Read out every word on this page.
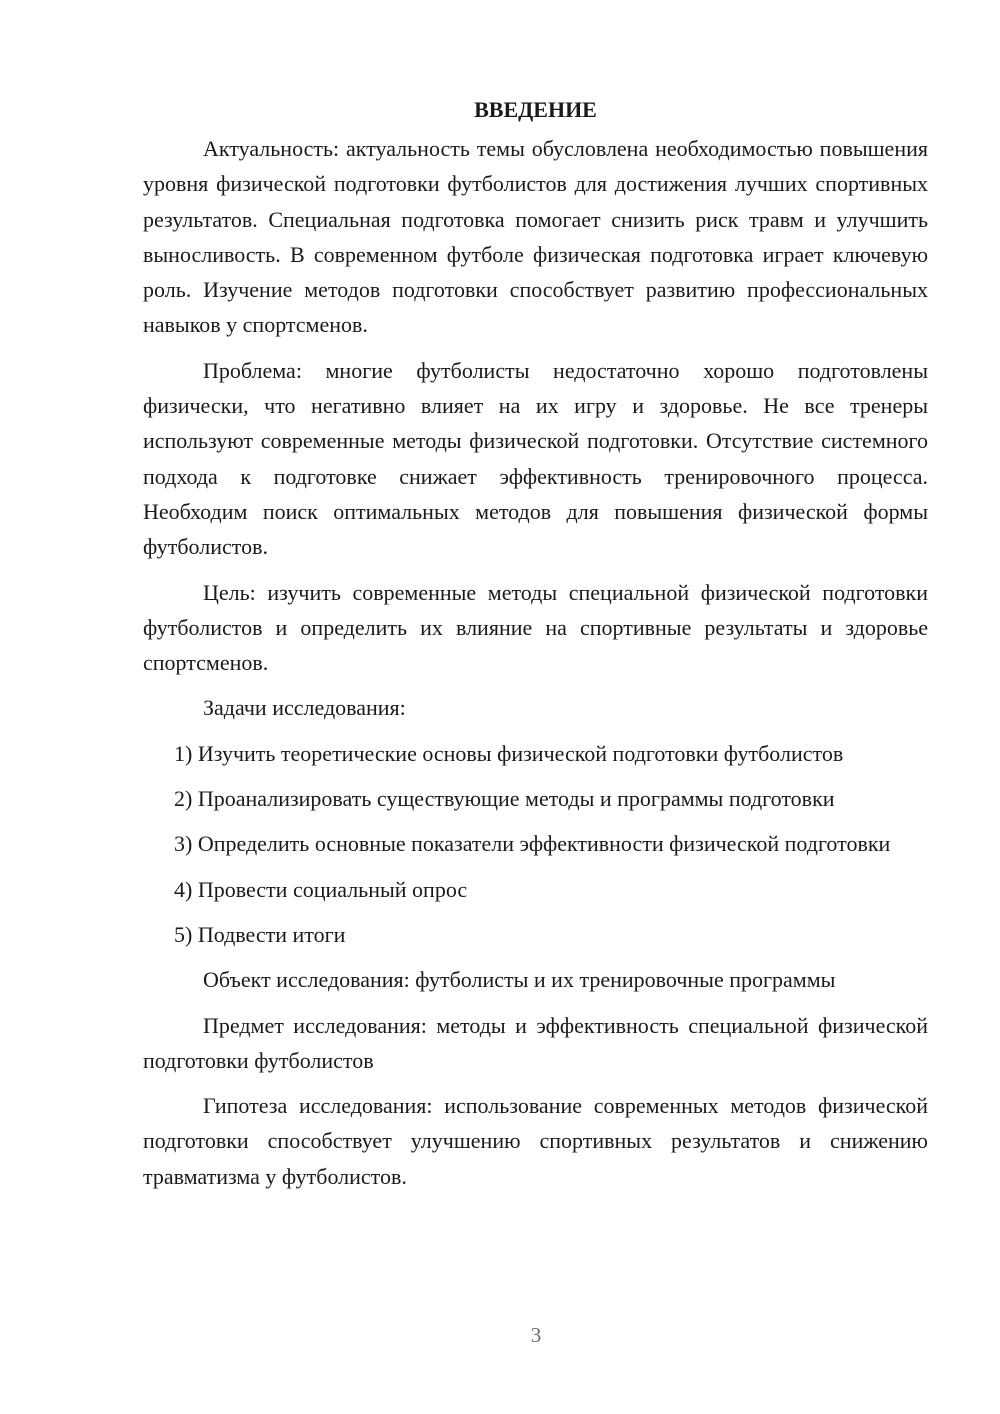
ВВЕДЕНИЕ

Актуальность: актуальность темы обусловлена необходимостью повышения уровня физической подготовки футболистов для достижения лучших спортивных результатов. Специальная подготовка помогает снизить риск травм и улучшить выносливость. В современном футболе физическая подготовка играет ключевую роль. Изучение методов подготовки способствует развитию профессиональных навыков у спортсменов.

Проблема: многие футболисты недостаточно хорошо подготовлены физически, что негативно влияет на их игру и здоровье. Не все тренеры используют современные методы физической подготовки. Отсутствие системного подхода к подготовке снижает эффективность тренировочного процесса. Необходим поиск оптимальных методов для повышения физической формы футболистов.

Цель: изучить современные методы специальной физической подготовки футболистов и определить их влияние на спортивные результаты и здоровье спортсменов.

Задачи исследования:

1) Изучить теоретические основы физической подготовки футболистов

2) Проанализировать существующие методы и программы подготовки

3) Определить основные показатели эффективности физической подготовки

4) Провести социальный опрос

5) Подвести итоги

Объект исследования: футболисты и их тренировочные программы

Предмет исследования: методы и эффективность специальной физической подготовки футболистов

Гипотеза исследования: использование современных методов физической подготовки способствует улучшению спортивных результатов и снижению травматизма у футболистов.

3
